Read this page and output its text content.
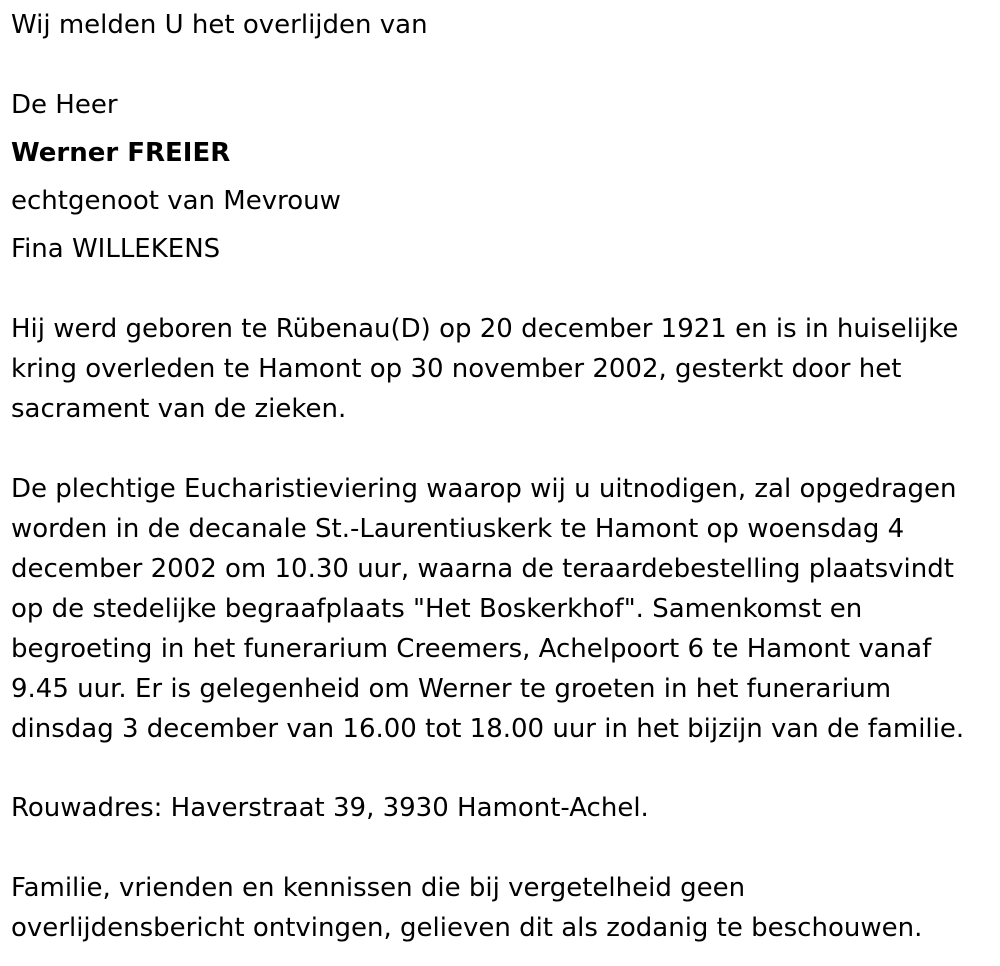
Wij melden U het overlijden van
De Heer
Werner FREIER
echtgenoot van Mevrouw
Fina WILLEKENS

Hij werd geboren te Rübenau(D) op 20 december 1921 en is in huiselijke kring overleden te Hamont op 30 november 2002, gesterkt door het sacrament van de zieken.

De plechtige Eucharistieviering waarop wij u uitnodigen, zal opgedragen worden in de decanale St.-Laurentiuskerk te Hamont op woensdag 4 december 2002 om 10.30 uur, waarna de teraardebestelling plaatsvindt op de stedelijke begraafplaats "Het Boskerkhof". Samenkomst en begroeting in het funerarium Creemers, Achelpoort 6 te Hamont vanaf 9.45 uur. Er is gelegenheid om Werner te groeten in het funerarium dinsdag 3 december van 16.00 tot 18.00 uur in het bijzijn van de familie.

Rouwadres: Haverstraat 39, 3930 Hamont-Achel.

Familie, vrienden en kennissen die bij vergetelheid geen overlijdensbericht ontvingen, gelieven dit als zodanig te beschouwen.
